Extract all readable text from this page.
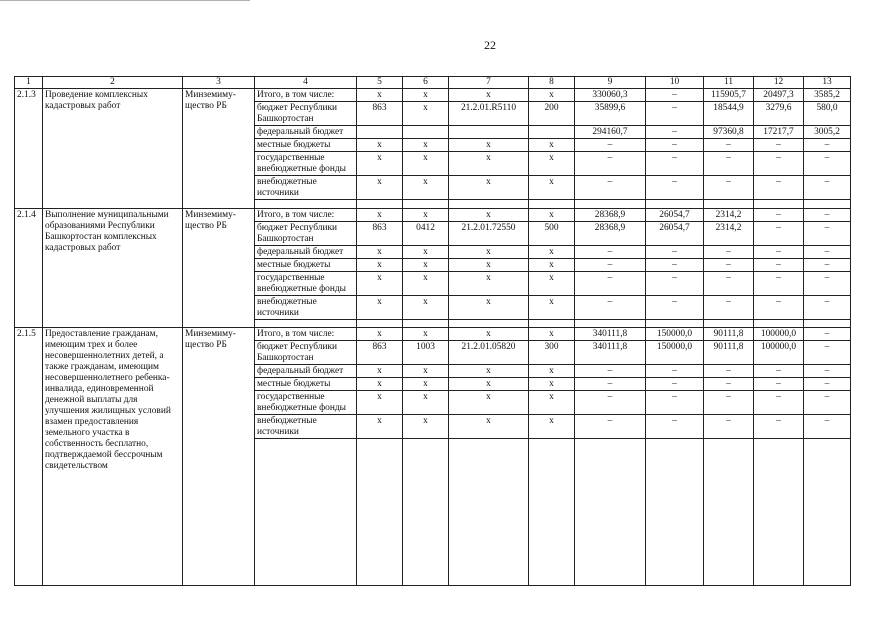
22
1	2	3	4	5	6	7	8	9	10	11	12	13
2.1.3	Проведение комплексных кадастровых работ	Минземиму-щество РБ	Итого, в том числе:	х	х	х	х	330060,3	–	115905,7	20497,3	3585,2
			бюджет Республики Башкортостан	863	х	21.2.01.R5110	200	35899,6	–	18544,9	3279,6	580,0
			федеральный бюджет					294160,7	–	97360,8	17217,7	3005,2
			местные бюджеты	х	х	х	х	–	–	–	–	–
			государственные внебюджетные фонды	х	х	х	х	–	–	–	–	–
			внебюджетные источники	х	х	х	х	–	–	–	–	–

2.1.4	Выполнение муниципальными образованиями Республики Башкортостан комплексных кадастровых работ	Минземиму-щество РБ	Итого, в том числе:	х	х	х	х	28368,9	26054,7	2314,2	–	–
			бюджет Республики Башкортостан	863	0412	21.2.01.72550	500	28368,9	26054,7	2314,2	–	–
			федеральный бюджет	х	х	х	х	–	–	–	–	–
			местные бюджеты	х	х	х	х	–	–	–	–	–
			государственные внебюджетные фонды	х	х	х	х	–	–	–	–	–
			внебюджетные источники	х	х	х	х	–	–	–	–	–

2.1.5	Предоставление гражданам, имеющим трех и более несовершеннолетних детей, а также гражданам, имеющим несовершеннолетнего ребенка-инвалида, единовременной денежной выплаты для улучшения жилищных условий взамен предоставления земельного участка в собственность бесплатно, подтверждаемой бессрочным свидетельством	Минземиму-щество РБ	Итого, в том числе:	х	х	х	х	340111,8	150000,0	90111,8	100000,0	–
			бюджет Республики Башкортостан	863	1003	21.2.01.05820	300	340111,8	150000,0	90111,8	100000,0	–
			федеральный бюджет	х	х	х	х	–	–	–	–	–
			местные бюджеты	х	х	х	х	–	–	–	–	–
			государственные внебюджетные фонды	х	х	х	х	–	–	–	–	–
			внебюджетные источники	х	х	х	х	–	–	–	–	–
